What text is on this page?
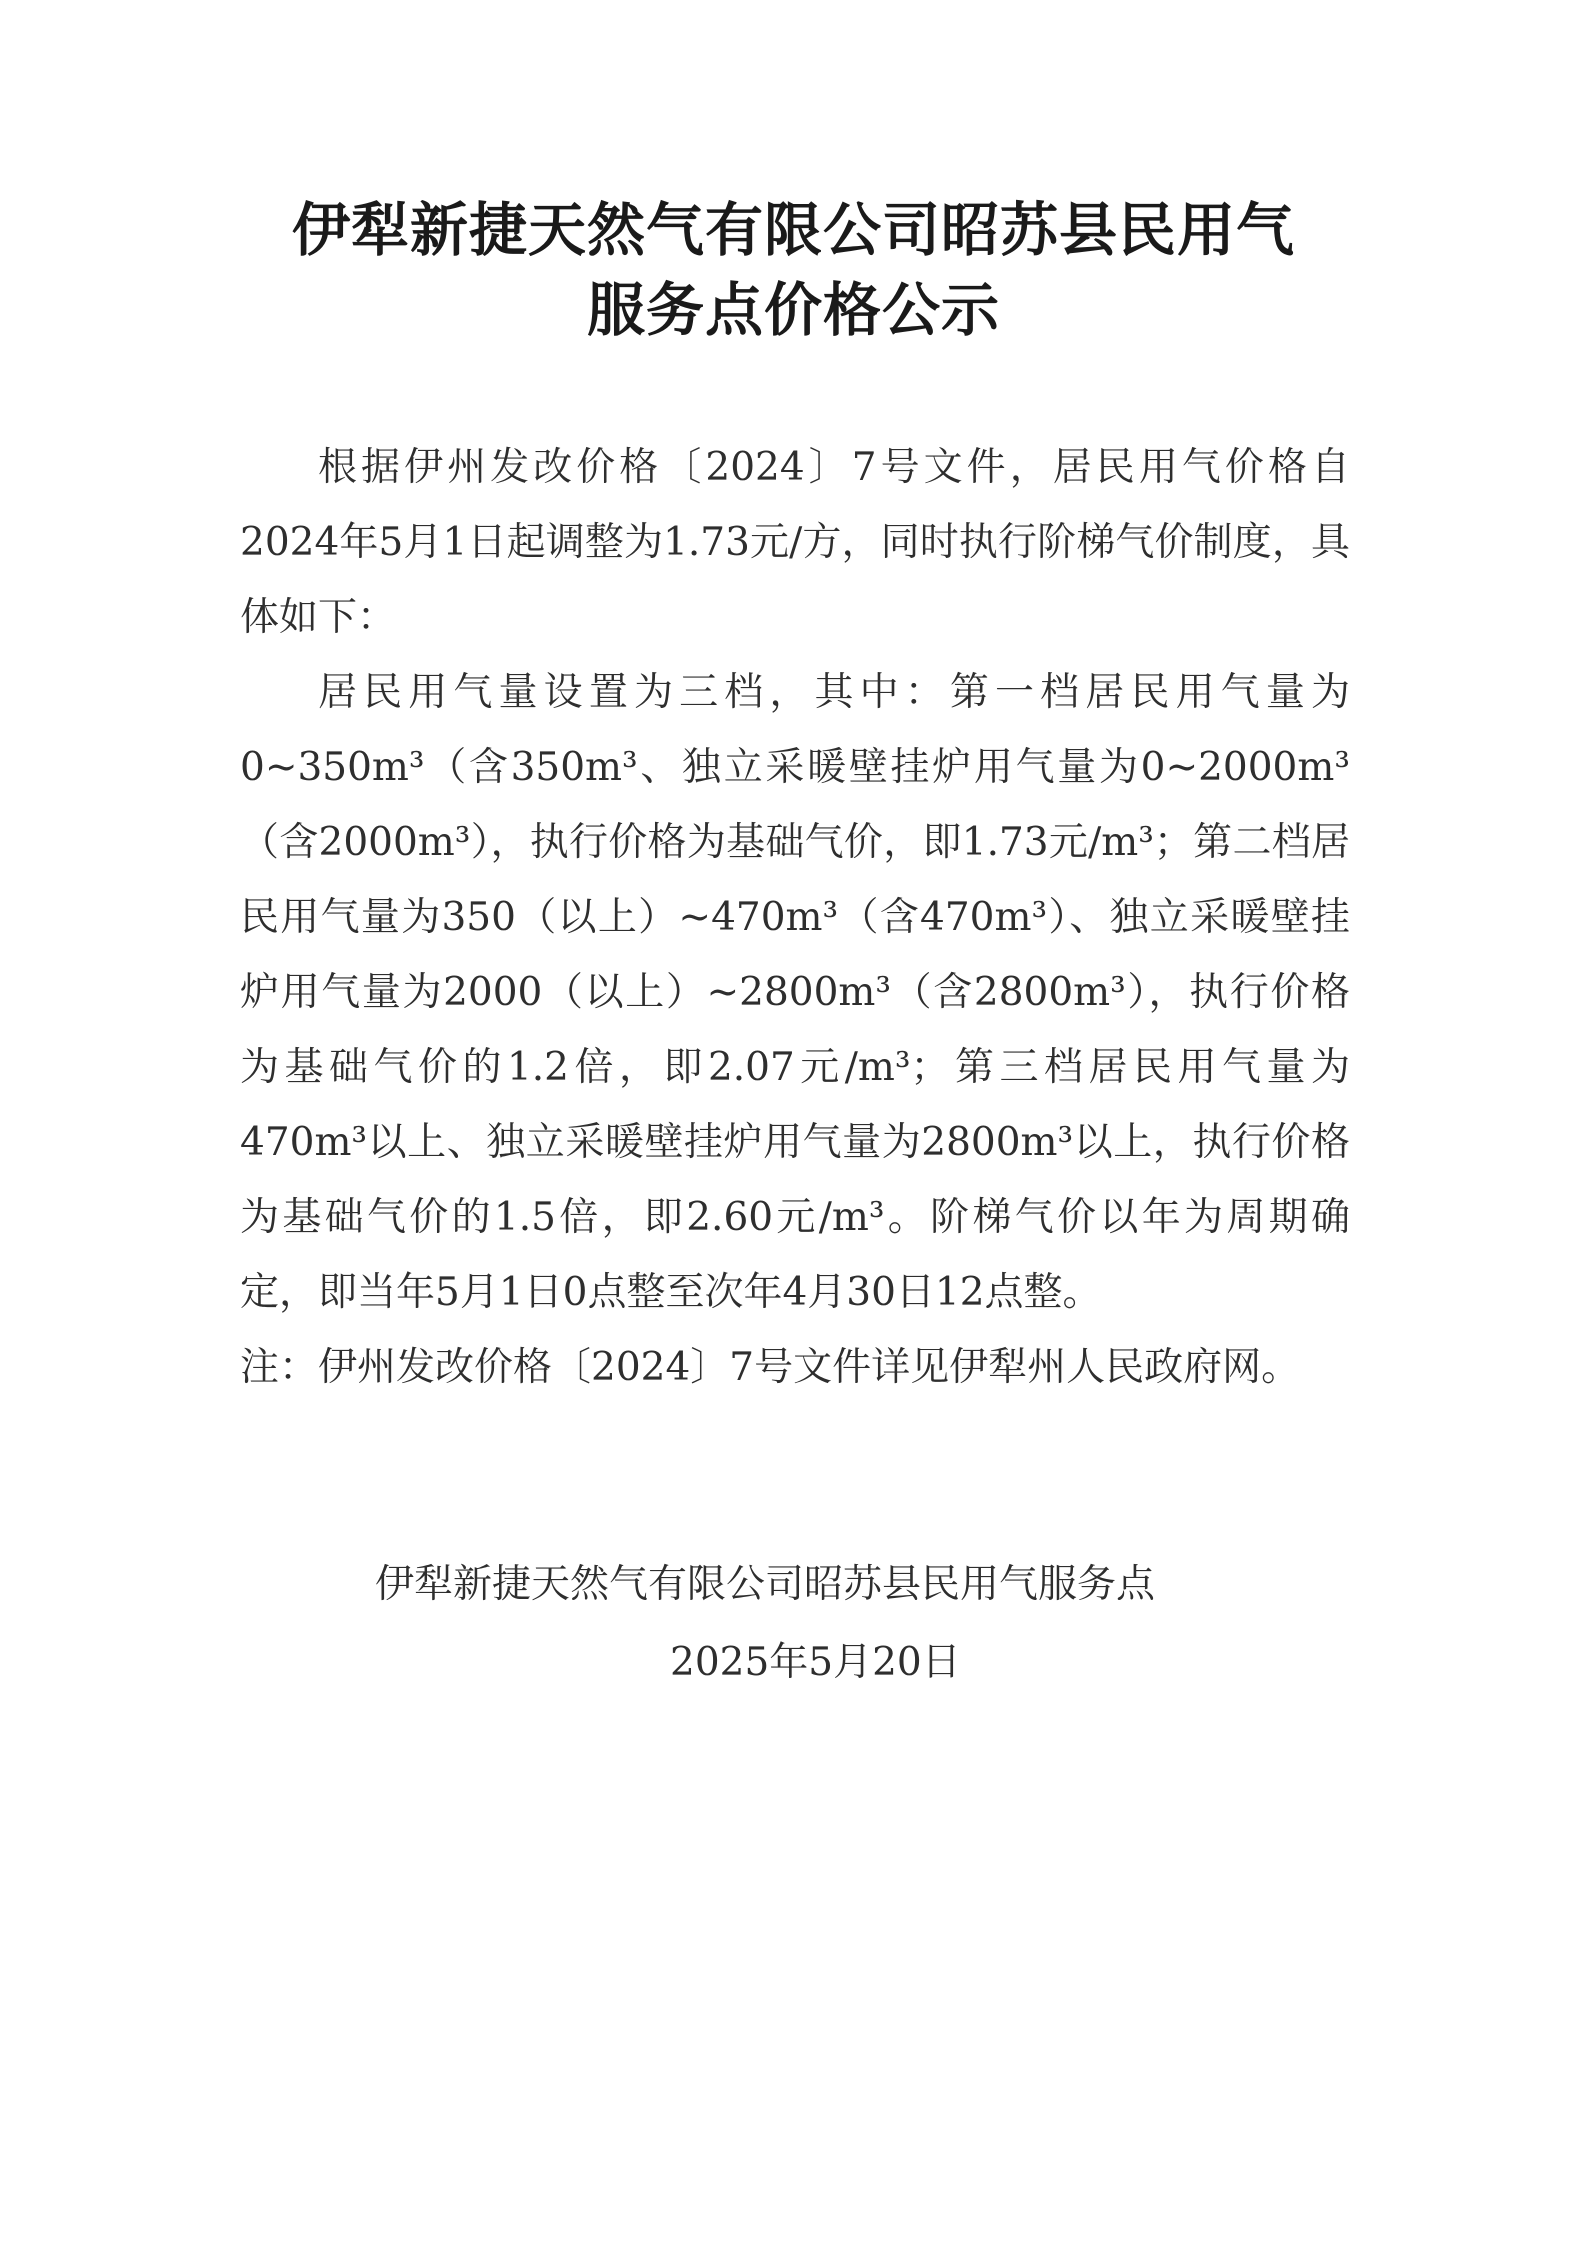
伊犁新捷天然气有限公司昭苏县民用气
服务点价格公示

根据伊州发改价格〔2024〕7号文件，居民用气价格自2024年5月1日起调整为1.73元/方，同时执行阶梯气价制度，具体如下：

居民用气量设置为三档，其中：第一档居民用气量为0~350m³（含350m³、独立采暖壁挂炉用气量为0~2000m³（含2000m³），执行价格为基础气价，即1.73元/m³；第二档居民用气量为350（以上）~470m³（含470m³）、独立采暖壁挂炉用气量为2000（以上）~2800m³（含2800m³），执行价格为基础气价的1.2倍，即2.07元/m³；第三档居民用气量为470m³以上、独立采暖壁挂炉用气量为2800m³以上，执行价格为基础气价的1.5倍，即2.60元/m³。阶梯气价以年为周期确定，即当年5月1日0点整至次年4月30日12点整。

注：伊州发改价格〔2024〕7号文件详见伊犁州人民政府网。

伊犁新捷天然气有限公司昭苏县民用气服务点
2025年5月20日
